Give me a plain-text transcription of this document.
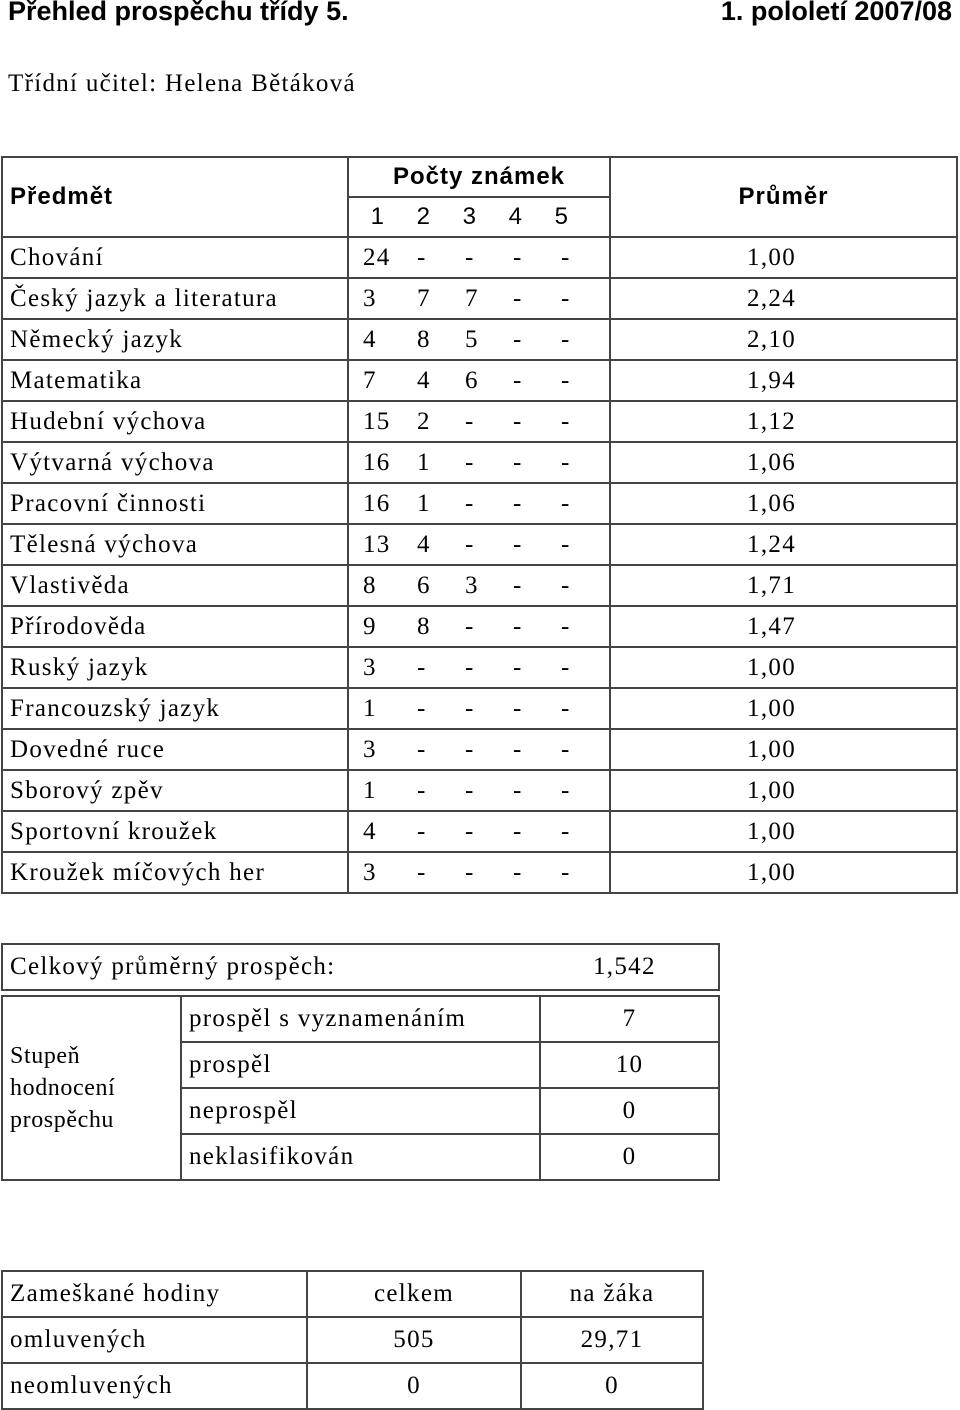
Přehled prospěchu třídy 5.	1. pololetí 2007/08
Třídní učitel: Helena Bětáková
Předmět	Počty známek	Průměr
	1 2 3 4 5	
Chování	24 - - - -	1,00
Český jazyk a literatura	3 7 7 - -	2,24
Německý jazyk	4 8 5 - -	2,10
Matematika	7 4 6 - -	1,94
Hudební výchova	15 2 - - -	1,12
Výtvarná výchova	16 1 - - -	1,06
Pracovní činnosti	16 1 - - -	1,06
Tělesná výchova	13 4 - - -	1,24
Vlastivěda	8 6 3 - -	1,71
Přírodověda	9 8 - - -	1,47
Ruský jazyk	3 - - - -	1,00
Francouzský jazyk	1 - - - -	1,00
Dovedné ruce	3 - - - -	1,00
Sborový zpěv	1 - - - -	1,00
Sportovní kroužek	4 - - - -	1,00
Kroužek míčových her	3 - - - -	1,00
Celkový průměrný prospěch: 1,542		

Stupeň
hodnocení
prospěchu	prospěl s vyznamenáním	7
	prospěl	10
	neprospěl	0
	neklasifikován	0
Zameškané hodiny	celkem	na žáka
omluvených	505	29,71
neomluvených	0	0
